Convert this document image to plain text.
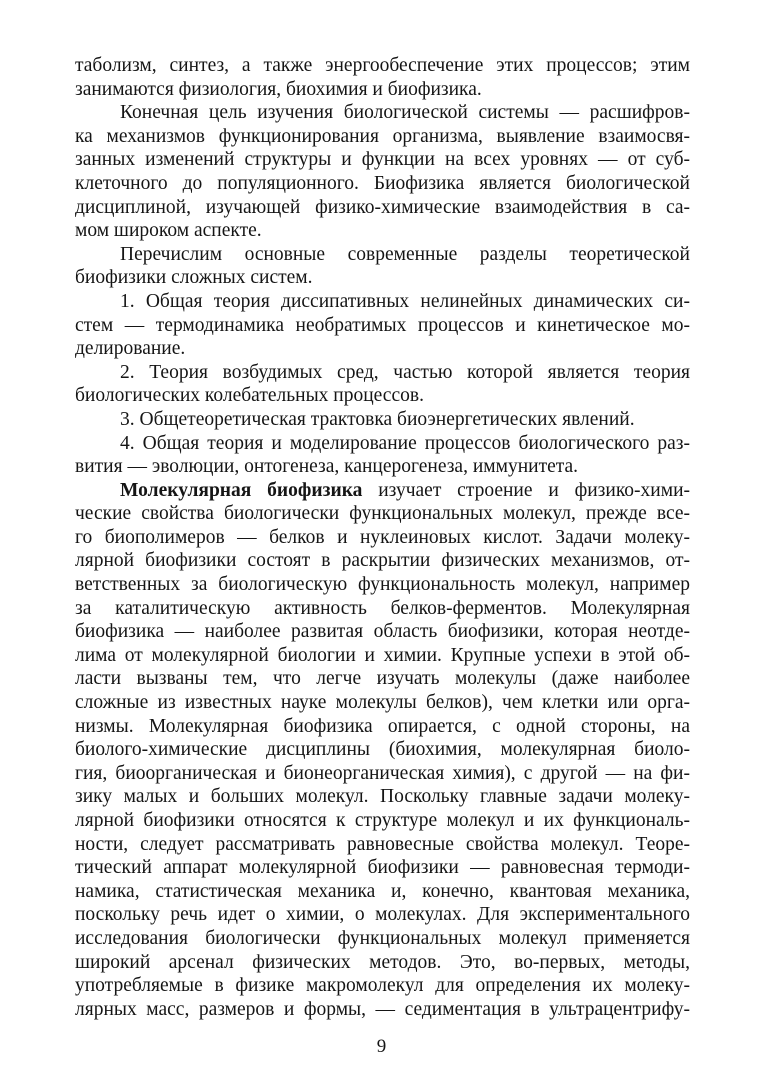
таболизм, синтез, а также энергообеспечение этих процессов; этим
занимаются физиология, биохимия и биофизика.
Конечная цель изучения биологической системы — расшифров-
ка механизмов функционирования организма, выявление взаимосвя-
занных изменений структуры и функции на всех уровнях — от суб-
клеточного до популяционного. Биофизика является биологической
дисциплиной, изучающей физико-химические взаимодействия в са-
мом широком аспекте.
Перечислим основные современные разделы теоретической
биофизики сложных систем.
1. Общая теория диссипативных нелинейных динамических си-
стем — термодинамика необратимых процессов и кинетическое мо-
делирование.
2. Теория возбудимых сред, частью которой является теория
биологических колебательных процессов.
3. Общетеоретическая трактовка биоэнергетических явлений.
4. Общая теория и моделирование процессов биологического раз-
вития — эволюции, онтогенеза, канцерогенеза, иммунитета.
Молекулярная биофизика изучает строение и физико-хими-
ческие свойства биологически функциональных молекул, прежде все-
го биополимеров — белков и нуклеиновых кислот. Задачи молеку-
лярной биофизики состоят в раскрытии физических механизмов, от-
ветственных за биологическую функциональность молекул, например
за каталитическую активность белков-ферментов. Молекулярная
биофизика — наиболее развитая область биофизики, которая неотде-
лима от молекулярной биологии и химии. Крупные успехи в этой об-
ласти вызваны тем, что легче изучать молекулы (даже наиболее
сложные из известных науке молекулы белков), чем клетки или орга-
низмы. Молекулярная биофизика опирается, с одной стороны, на
биолого-химические дисциплины (биохимия, молекулярная биоло-
гия, биоорганическая и бионеорганическая химия), с другой — на фи-
зику малых и больших молекул. Поскольку главные задачи молеку-
лярной биофизики относятся к структуре молекул и их функциональ-
ности, следует рассматривать равновесные свойства молекул. Теоре-
тический аппарат молекулярной биофизики — равновесная термоди-
намика, статистическая механика и, конечно, квантовая механика,
поскольку речь идет о химии, о молекулах. Для экспериментального
исследования биологически функциональных молекул применяется
широкий арсенал физических методов. Это, во-первых, методы,
употребляемые в физике макромолекул для определения их молеку-
лярных масс, размеров и формы, — седиментация в ультрацентрифу-
9
